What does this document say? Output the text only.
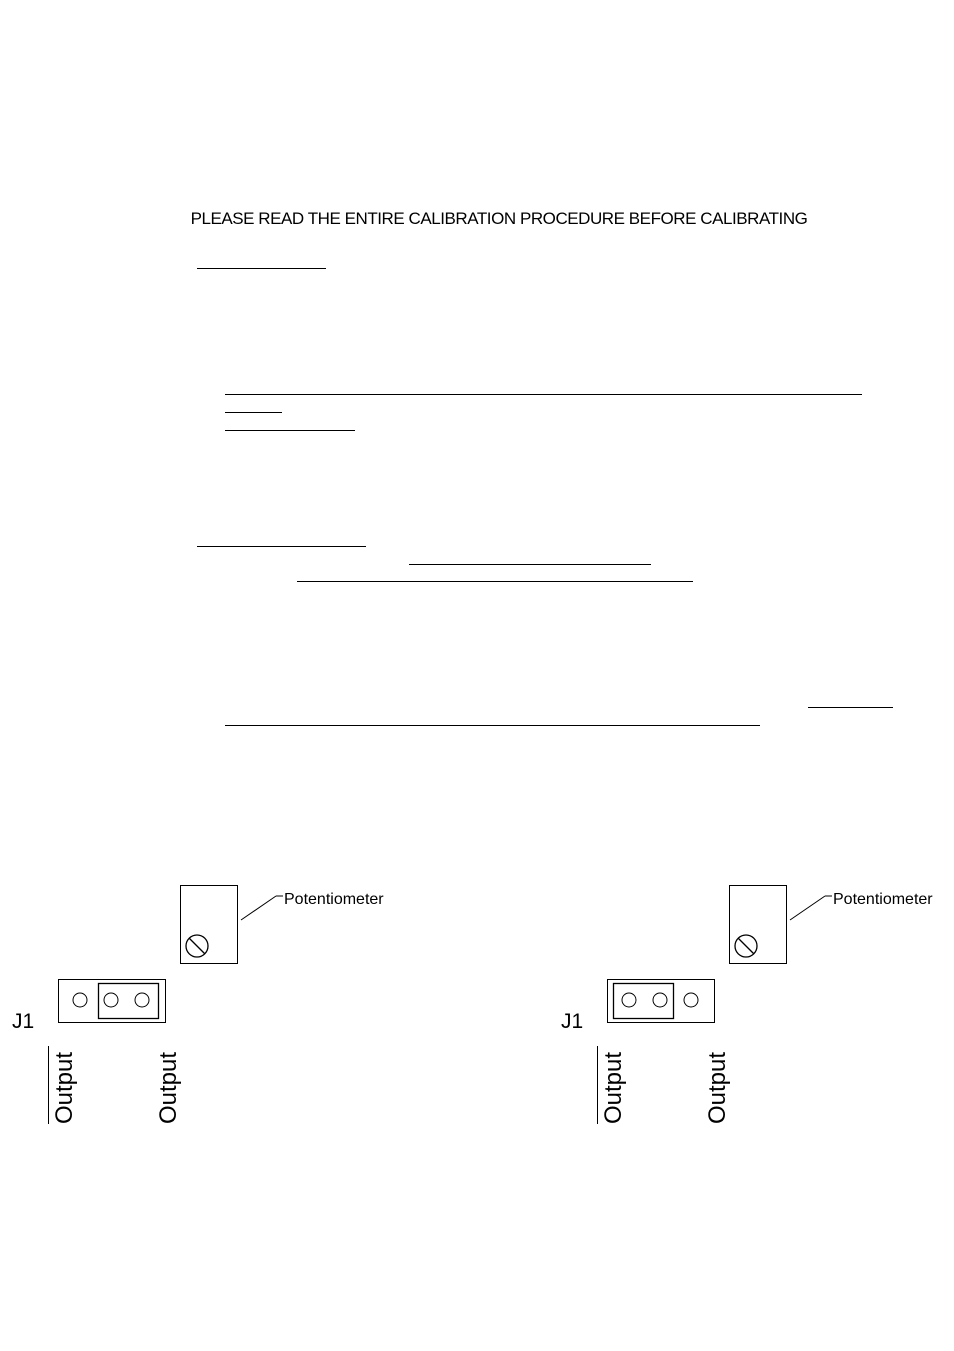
PLEASE READ THE ENTIRE CALIBRATION PROCEDURE BEFORE CALIBRATING
Potentiometer
J1
Output	Output
Potentiometer
J1
Output	Output
